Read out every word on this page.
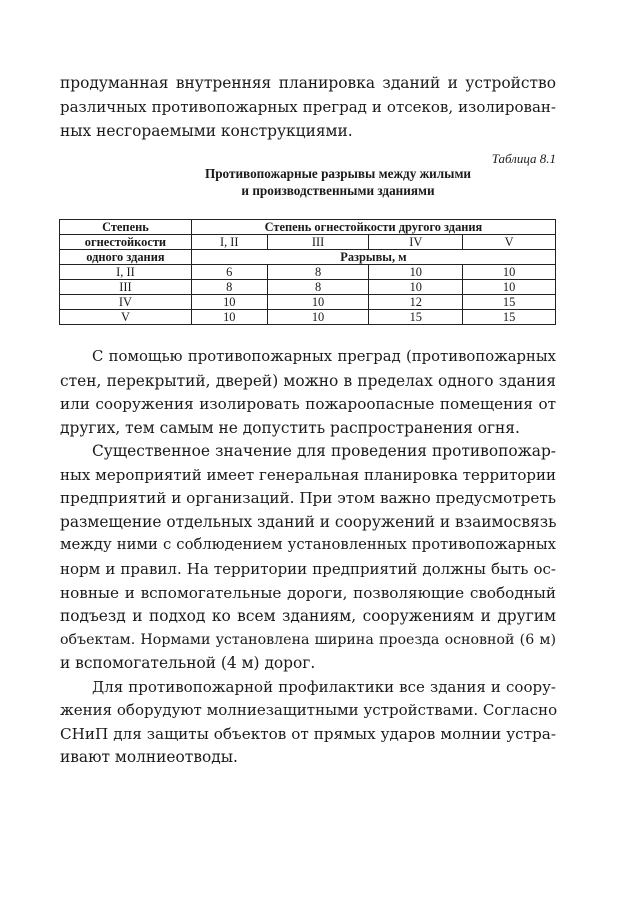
продуманная внутренняя планировка зданий и устройство
различных противопожарных преград и отсеков, изолирован-
ных несгораемыми конструкциями.
Таблица 8.1
Противопожарные разрывы между жилыми
и производственными зданиями
Степень	Степень огнестойкости другого здания			
огнестойкости	I, II	III	IV	V
одного здания	Разрывы, м			
I, II	6	8	10	10
III	8	8	10	10
IV	10	10	12	15
V	10	10	15	15
С помощью противопожарных преград (противопожарных
стен, перекрытий, дверей) можно в пределах одного здания
или сооружения изолировать пожароопасные помещения от
других, тем самым не допустить распространения огня.
Существенное значение для проведения противопожар-
ных мероприятий имеет генеральная планировка территории
предприятий и организаций. При этом важно предусмотреть
размещение отдельных зданий и сооружений и взаимосвязь
между ними с соблюдением установленных противопожарных
норм и правил. На территории предприятий должны быть ос-
новные и вспомогательные дороги, позволяющие свободный
подъезд и подход ко всем зданиям, сооружениям и другим
объектам. Нормами установлена ширина проезда основной (6 м)
и вспомогательной (4 м) дорог.
Для противопожарной профилактики все здания и соору-
жения оборудуют молниезащитными устройствами. Согласно
СНиП для защиты объектов от прямых ударов молнии устра-
ивают молниеотводы.
